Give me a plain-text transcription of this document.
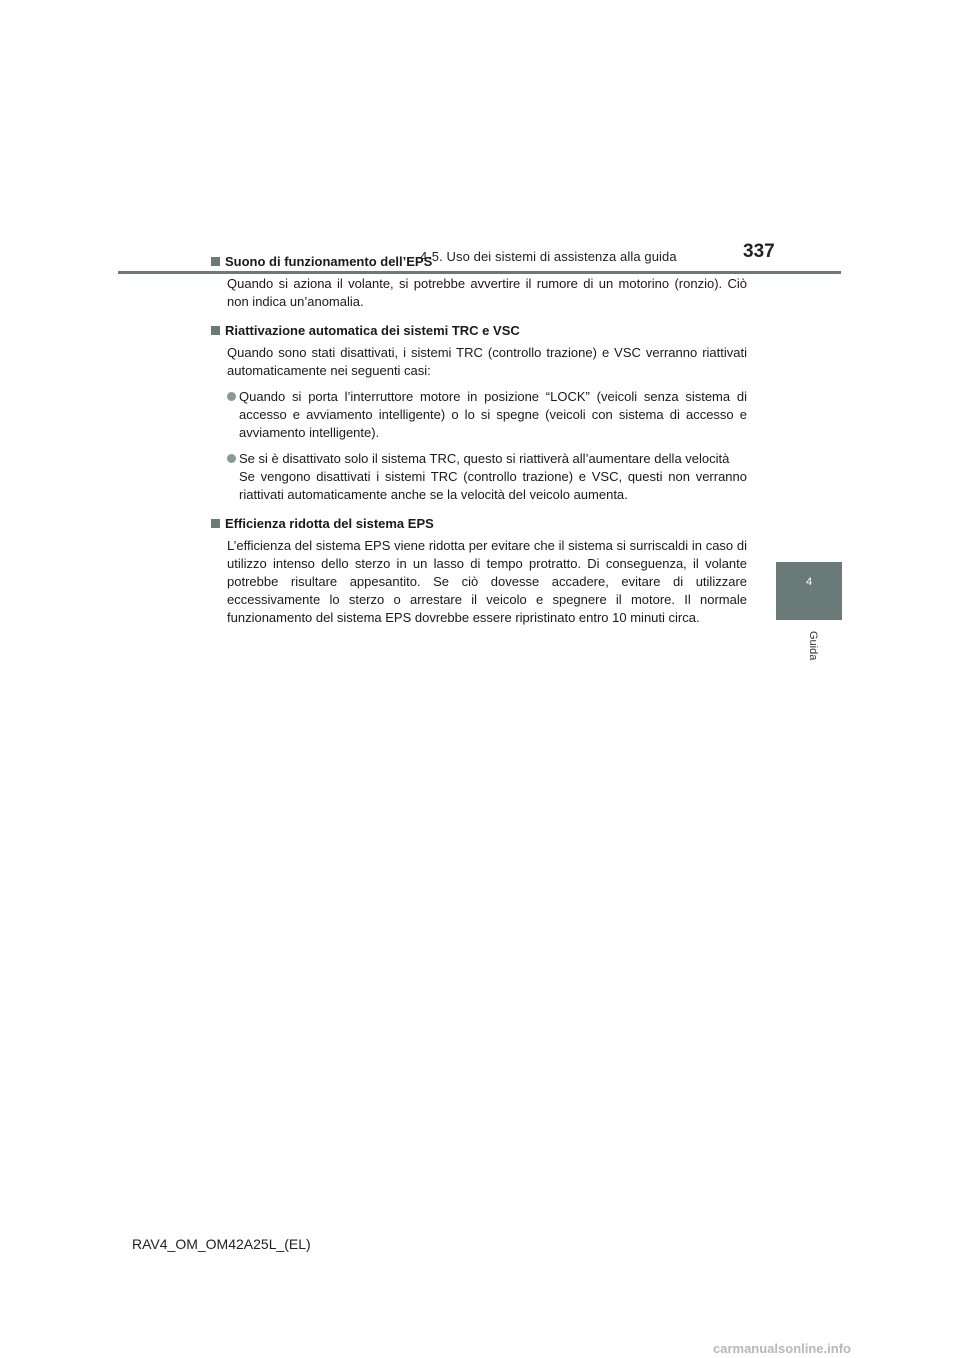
4-5. Uso dei sistemi di assistenza alla guida	337
4
Guida

Suono di funzionamento dell’EPS

Quando si aziona il volante, si potrebbe avvertire il rumore di un motorino (ronzio). Ciò non indica un’anomalia.

Riattivazione automatica dei sistemi TRC e VSC

Quando sono stati disattivati, i sistemi TRC (controllo trazione) e VSC verranno riattivati automaticamente nei seguenti casi:

Quando si porta l’interruttore motore in posizione “LOCK” (veicoli senza sistema di accesso e avviamento intelligente) o lo si spegne (veicoli con sistema di accesso e avviamento intelligente).
Se si è disattivato solo il sistema TRC, questo si riattiverà all’aumentare della velocità
Se vengono disattivati i sistemi TRC (controllo trazione) e VSC, questi non verranno riattivati automaticamente anche se la velocità del veicolo aumenta.

Efficienza ridotta del sistema EPS

L’efficienza del sistema EPS viene ridotta per evitare che il sistema si surriscaldi in caso di utilizzo intenso dello sterzo in un lasso di tempo protratto. Di conseguenza, il volante potrebbe risultare appesantito. Se ciò dovesse accadere, evitare di utilizzare eccessivamente lo sterzo o arrestare il veicolo e spegnere il motore. Il normale funzionamento del sistema EPS dovrebbe essere ripristinato entro 10 minuti circa.

RAV4_OM_OM42A25L_(EL)
carmanualsonline.info
